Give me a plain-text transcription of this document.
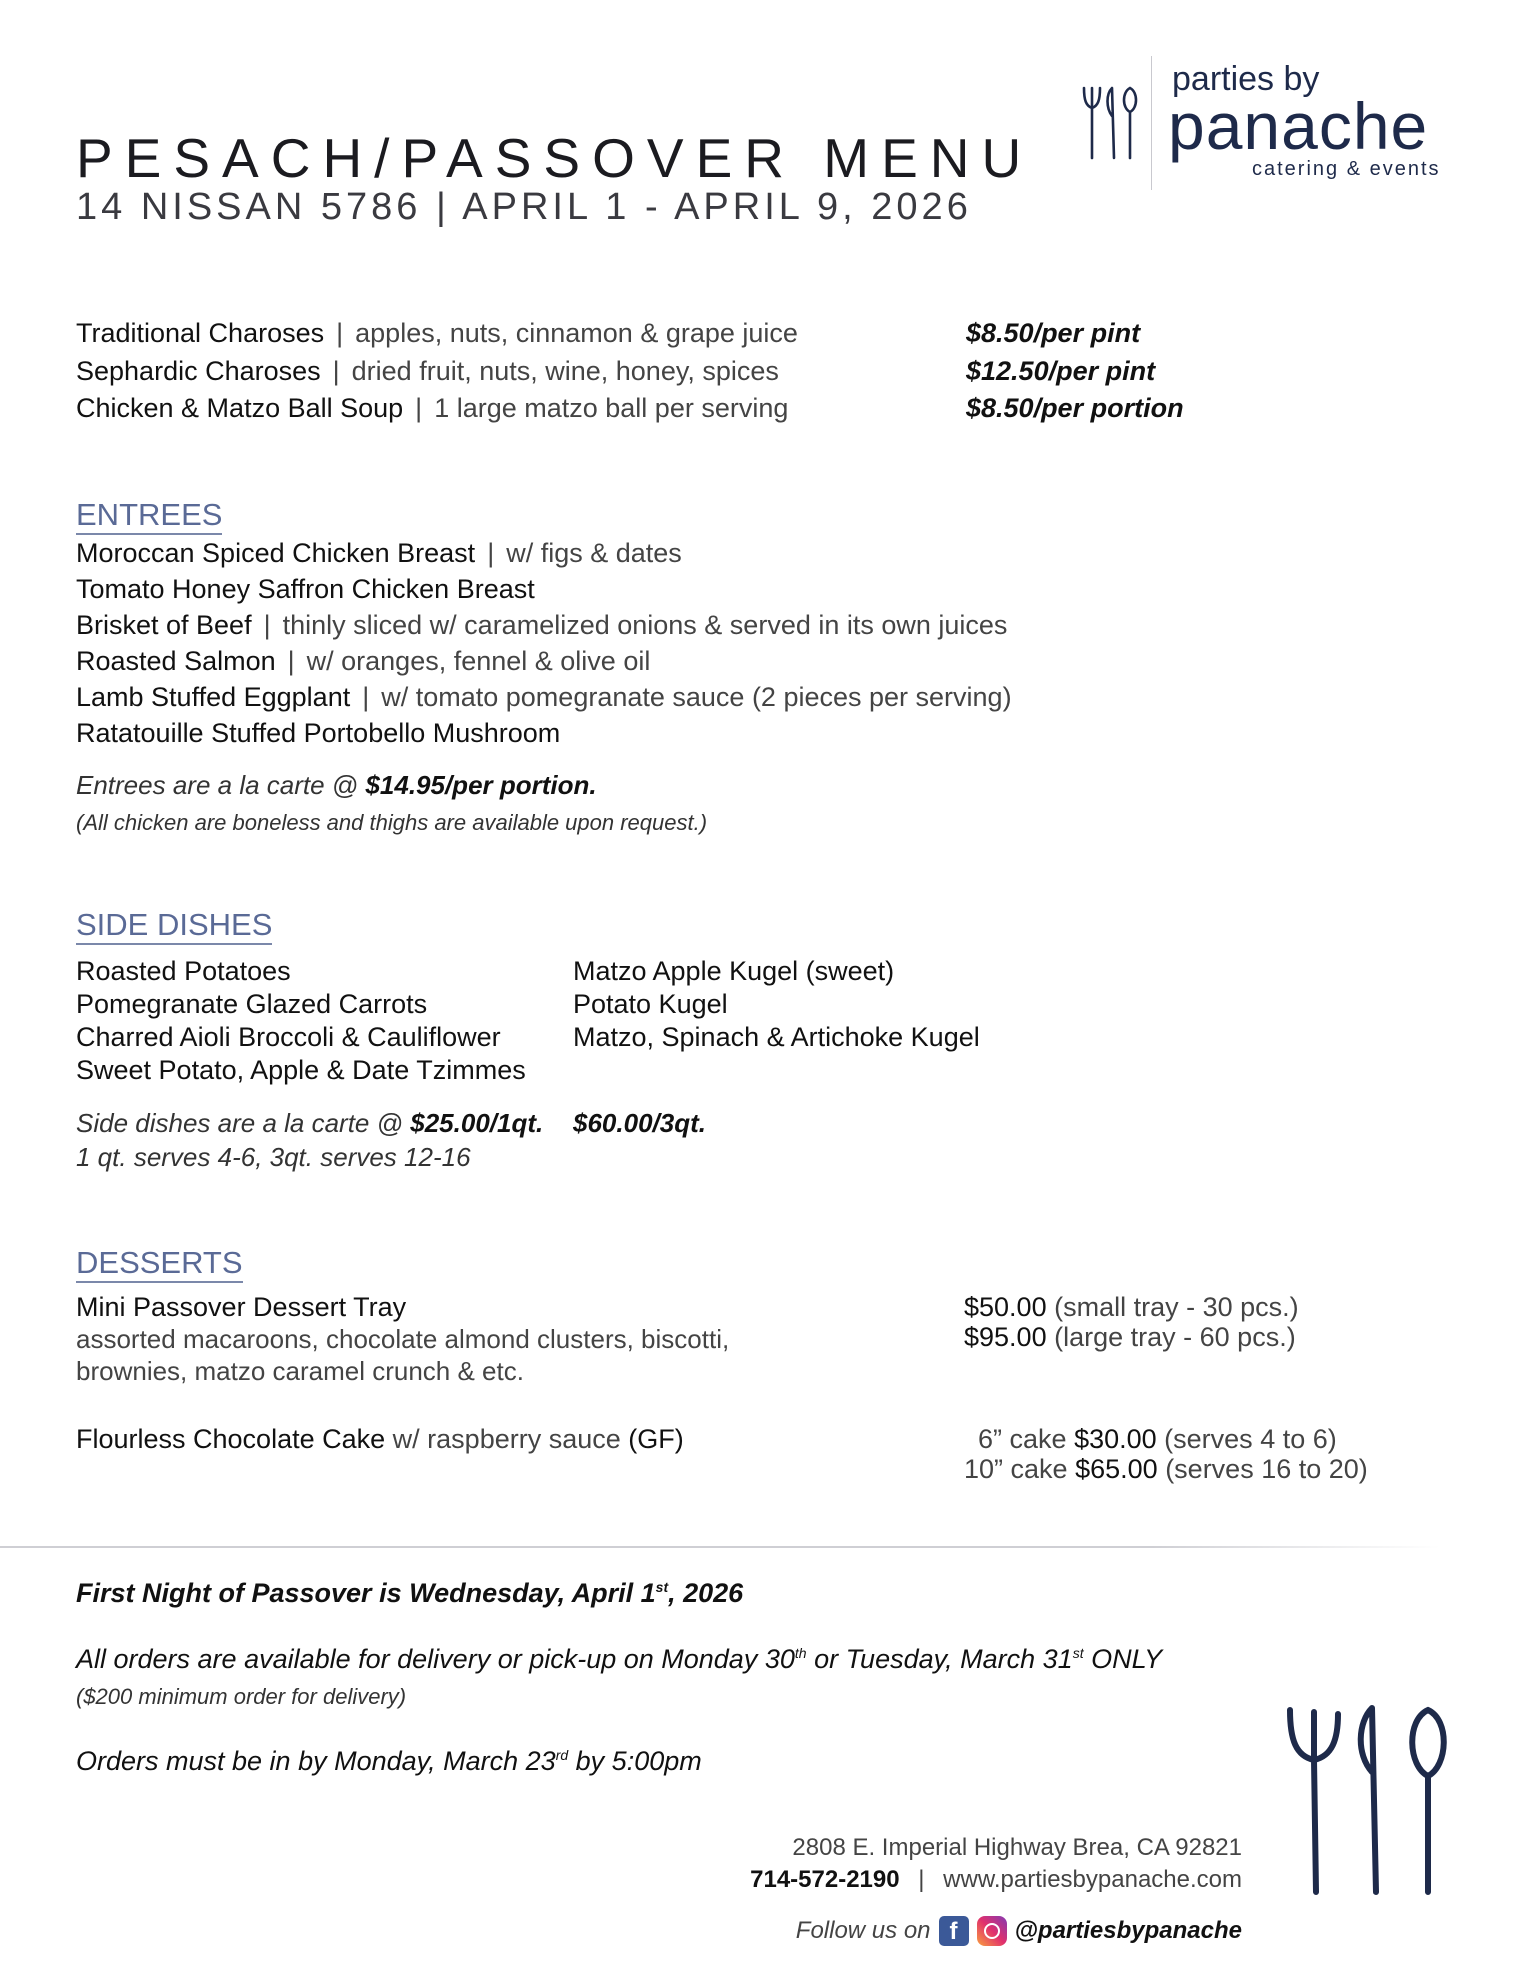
PESACH/PASSOVER MENU
14 NISSAN 5786 | APRIL 1 - APRIL 9, 2026
parties by
panache
catering & events
Traditional Charoses | apples, nuts, cinnamon & grape juice	$8.50/per pint
Sephardic Charoses | dried fruit, nuts, wine, honey, spices	$12.50/per pint
Chicken & Matzo Ball Soup | 1 large matzo ball per serving	$8.50/per portion
ENTREES
Moroccan Spiced Chicken Breast | w/ figs & dates
Tomato Honey Saffron Chicken Breast
Brisket of Beef | thinly sliced w/ caramelized onions & served in its own juices
Roasted Salmon | w/ oranges, fennel & olive oil
Lamb Stuffed Eggplant | w/ tomato pomegranate sauce (2 pieces per serving)
Ratatouille Stuffed Portobello Mushroom
Entrees are a la carte @ $14.95/per portion.
(All chicken are boneless and thighs are available upon request.)
SIDE DISHES
Roasted Potatoes
Pomegranate Glazed Carrots
Charred Aioli Broccoli & Cauliflower
Sweet Potato, Apple & Date Tzimmes
Matzo Apple Kugel (sweet)
Potato Kugel
Matzo, Spinach & Artichoke Kugel
Side dishes are a la carte @ $25.00/1qt. $60.00/3qt.
1 qt. serves 4-6, 3qt. serves 12-16
DESSERTS
Mini Passover Dessert Tray
assorted macaroons, chocolate almond clusters, biscotti,
brownies, matzo caramel crunch & etc.
$50.00 (small tray - 30 pcs.)
$95.00 (large tray - 60 pcs.)
Flourless Chocolate Cake w/ raspberry sauce (GF)	6” cake $30.00 (serves 4 to 6)
10” cake $65.00 (serves 16 to 20)
First Night of Passover is Wednesday, April 1st, 2026
All orders are available for delivery or pick-up on Monday 30th or Tuesday, March 31st ONLY
($200 minimum order for delivery)
Orders must be in by Monday, March 23rd by 5:00pm
2808 E. Imperial Highway Brea, CA 92821
714-572-2190 | www.partiesbypanache.com
Follow us on f	@partiesbypanache
